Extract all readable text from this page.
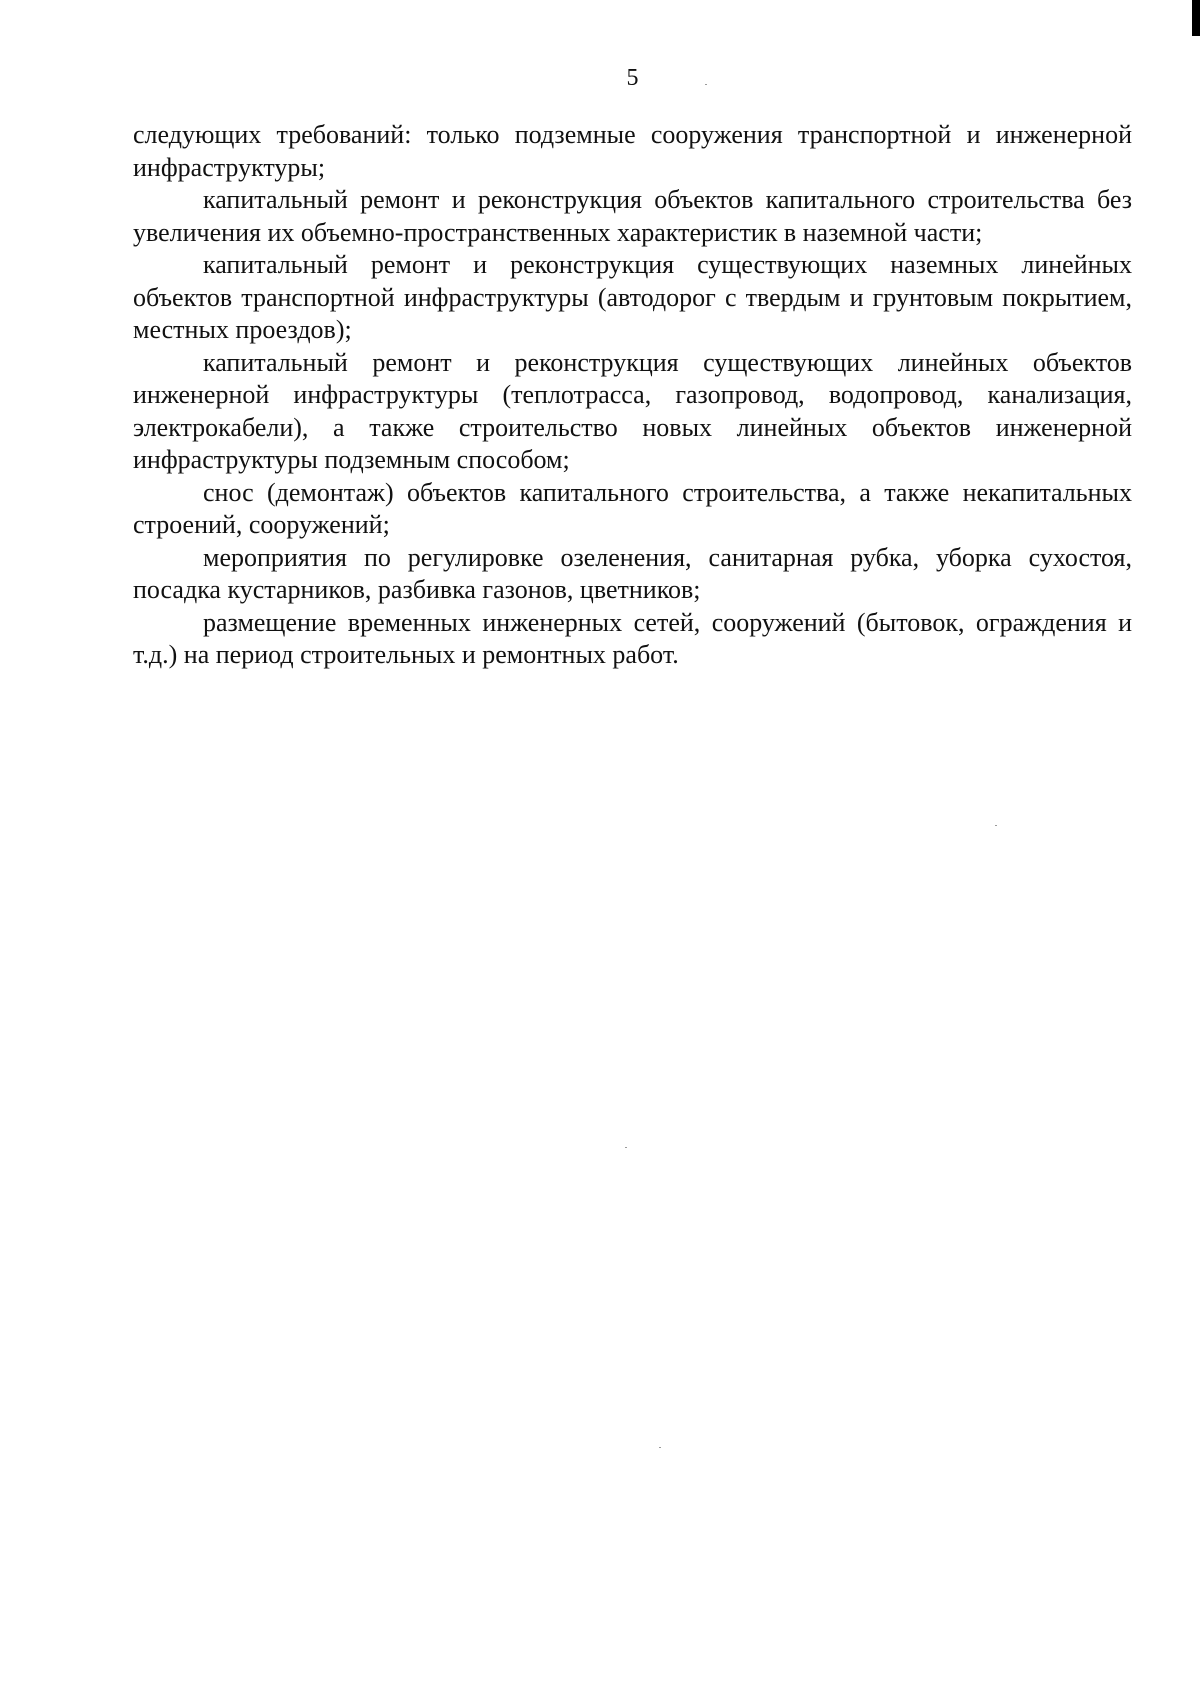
5

следующих требований: только подземные сооружения транспортной и инженерной инфраструктуры;

капитальный ремонт и реконструкция объектов капитального строительства без увеличения их объемно-пространственных характеристик в наземной части;

капитальный ремонт и реконструкция существующих наземных линейных объектов транспортной инфраструктуры (автодорог с твердым и грунтовым покрытием, местных проездов);

капитальный ремонт и реконструкция существующих линейных объектов инженерной инфраструктуры (теплотрасса, газопровод, водопровод, канализация, электрокабели), а также строительство новых линейных объектов инженерной инфраструктуры подземным способом;

снос (демонтаж) объектов капитального строительства, а также некапитальных строений, сооружений;

мероприятия по регулировке озеленения, санитарная рубка, уборка сухостоя, посадка кустарников, разбивка газонов, цветников;

размещение временных инженерных сетей, сооружений (бытовок, ограждения и т.д.) на период строительных и ремонтных работ.
